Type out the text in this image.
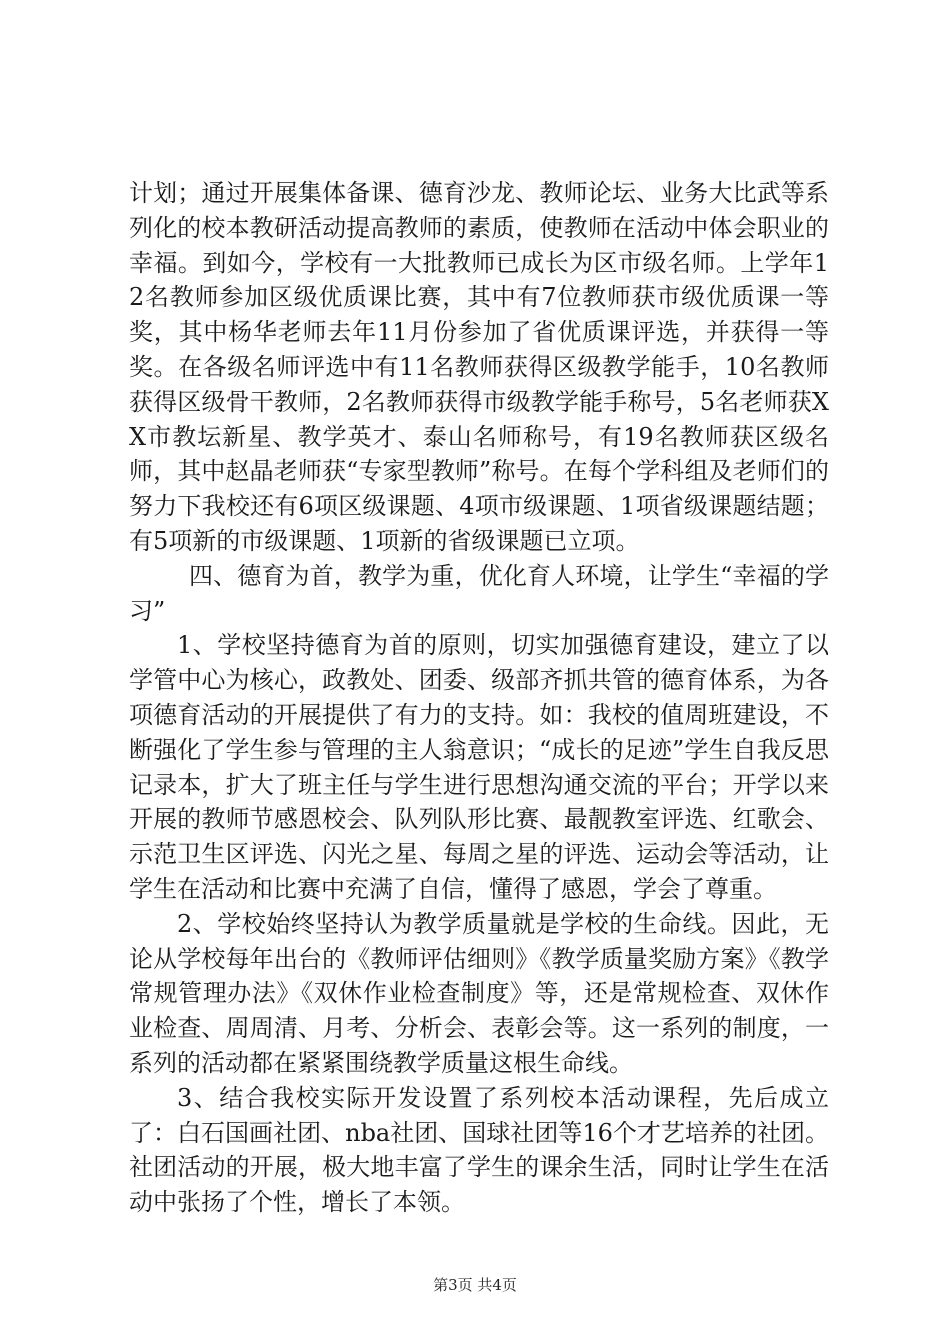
计划；通过开展集体备课、德育沙龙、教师论坛、业务大比武等系列化的校本教研活动提高教师的素质，使教师在活动中体会职业的幸福。到如今，学校有一大批教师已成长为区市级名师。上学年12名教师参加区级优质课比赛，其中有7位教师获市级优质课一等奖，其中杨华老师去年11月份参加了省优质课评选，并获得一等奖。在各级名师评选中有11名教师获得区级教学能手，10名教师获得区级骨干教师，2名教师获得市级教学能手称号，5名老师获XX市教坛新星、教学英才、泰山名师称号，有19名教师获区级名师，其中赵晶老师获“专家型教师”称号。在每个学科组及老师们的努力下我校还有6项区级课题、4项市级课题、1项省级课题结题；有5项新的市级课题、1项新的省级课题已立项。

四、德育为首，教学为重，优化育人环境，让学生“幸福的学习”

1、学校坚持德育为首的原则，切实加强德育建设，建立了以学管中心为核心，政教处、团委、级部齐抓共管的德育体系，为各项德育活动的开展提供了有力的支持。如：我校的值周班建设，不断强化了学生参与管理的主人翁意识；“成长的足迹”学生自我反思记录本，扩大了班主任与学生进行思想沟通交流的平台；开学以来开展的教师节感恩校会、队列队形比赛、最靓教室评选、红歌会、示范卫生区评选、闪光之星、每周之星的评选、运动会等活动，让学生在活动和比赛中充满了自信，懂得了感恩，学会了尊重。

2、学校始终坚持认为教学质量就是学校的生命线。因此，无论从学校每年出台的《教师评估细则》《教学质量奖励方案》《教学常规管理办法》《双休作业检查制度》等，还是常规检查、双休作业检查、周周清、月考、分析会、表彰会等。这一系列的制度，一系列的活动都在紧紧围绕教学质量这根生命线。

3、结合我校实际开发设置了系列校本活动课程，先后成立了：白石国画社团、nba社团、国球社团等16个才艺培养的社团。社团活动的开展，极大地丰富了学生的课余生活，同时让学生在活动中张扬了个性，增长了本领。

第3页 共4页
